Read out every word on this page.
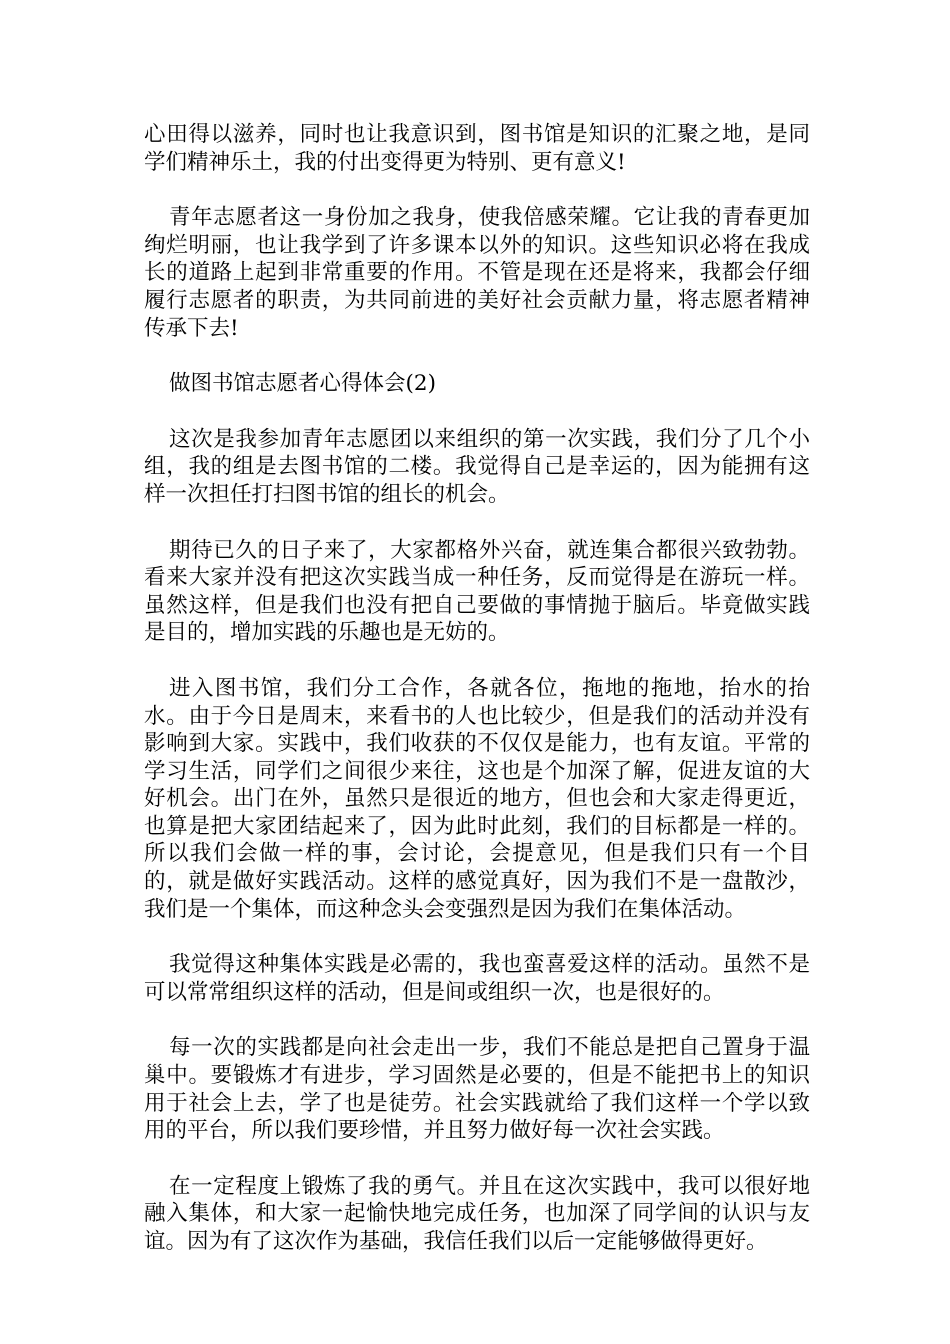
心田得以滋养，同时也让我意识到，图书馆是知识的汇聚之地，是同学们精神乐土，我的付出变得更为特别、更有意义!

青年志愿者这一身份加之我身，使我倍感荣耀。它让我的青春更加绚烂明丽，也让我学到了许多课本以外的知识。这些知识必将在我成长的道路上起到非常重要的作用。不管是现在还是将来，我都会仔细履行志愿者的职责，为共同前进的美好社会贡献力量，将志愿者精神传承下去!

做图书馆志愿者心得体会(2)

这次是我参加青年志愿团以来组织的第一次实践，我们分了几个小组，我的组是去图书馆的二楼。我觉得自己是幸运的，因为能拥有这样一次担任打扫图书馆的组长的机会。

期待已久的日子来了，大家都格外兴奋，就连集合都很兴致勃勃。看来大家并没有把这次实践当成一种任务，反而觉得是在游玩一样。虽然这样，但是我们也没有把自己要做的事情抛于脑后。毕竟做实践是目的，增加实践的乐趣也是无妨的。

进入图书馆，我们分工合作，各就各位，拖地的拖地，抬水的抬水。由于今日是周末，来看书的人也比较少，但是我们的活动并没有影响到大家。实践中，我们收获的不仅仅是能力，也有友谊。平常的学习生活，同学们之间很少来往，这也是个加深了解，促进友谊的大好机会。出门在外，虽然只是很近的地方，但也会和大家走得更近，也算是把大家团结起来了，因为此时此刻，我们的目标都是一样的。所以我们会做一样的事，会讨论，会提意见，但是我们只有一个目的，就是做好实践活动。这样的感觉真好，因为我们不是一盘散沙，我们是一个集体，而这种念头会变强烈是因为我们在集体活动。

我觉得这种集体实践是必需的，我也蛮喜爱这样的活动。虽然不是可以常常组织这样的活动，但是间或组织一次，也是很好的。

每一次的实践都是向社会走出一步，我们不能总是把自己置身于温巢中。要锻炼才有进步，学习固然是必要的，但是不能把书上的知识用于社会上去，学了也是徒劳。社会实践就给了我们这样一个学以致用的平台，所以我们要珍惜，并且努力做好每一次社会实践。

在一定程度上锻炼了我的勇气。并且在这次实践中，我可以很好地融入集体，和大家一起愉快地完成任务，也加深了同学间的认识与友谊。因为有了这次作为基础，我信任我们以后一定能够做得更好。
